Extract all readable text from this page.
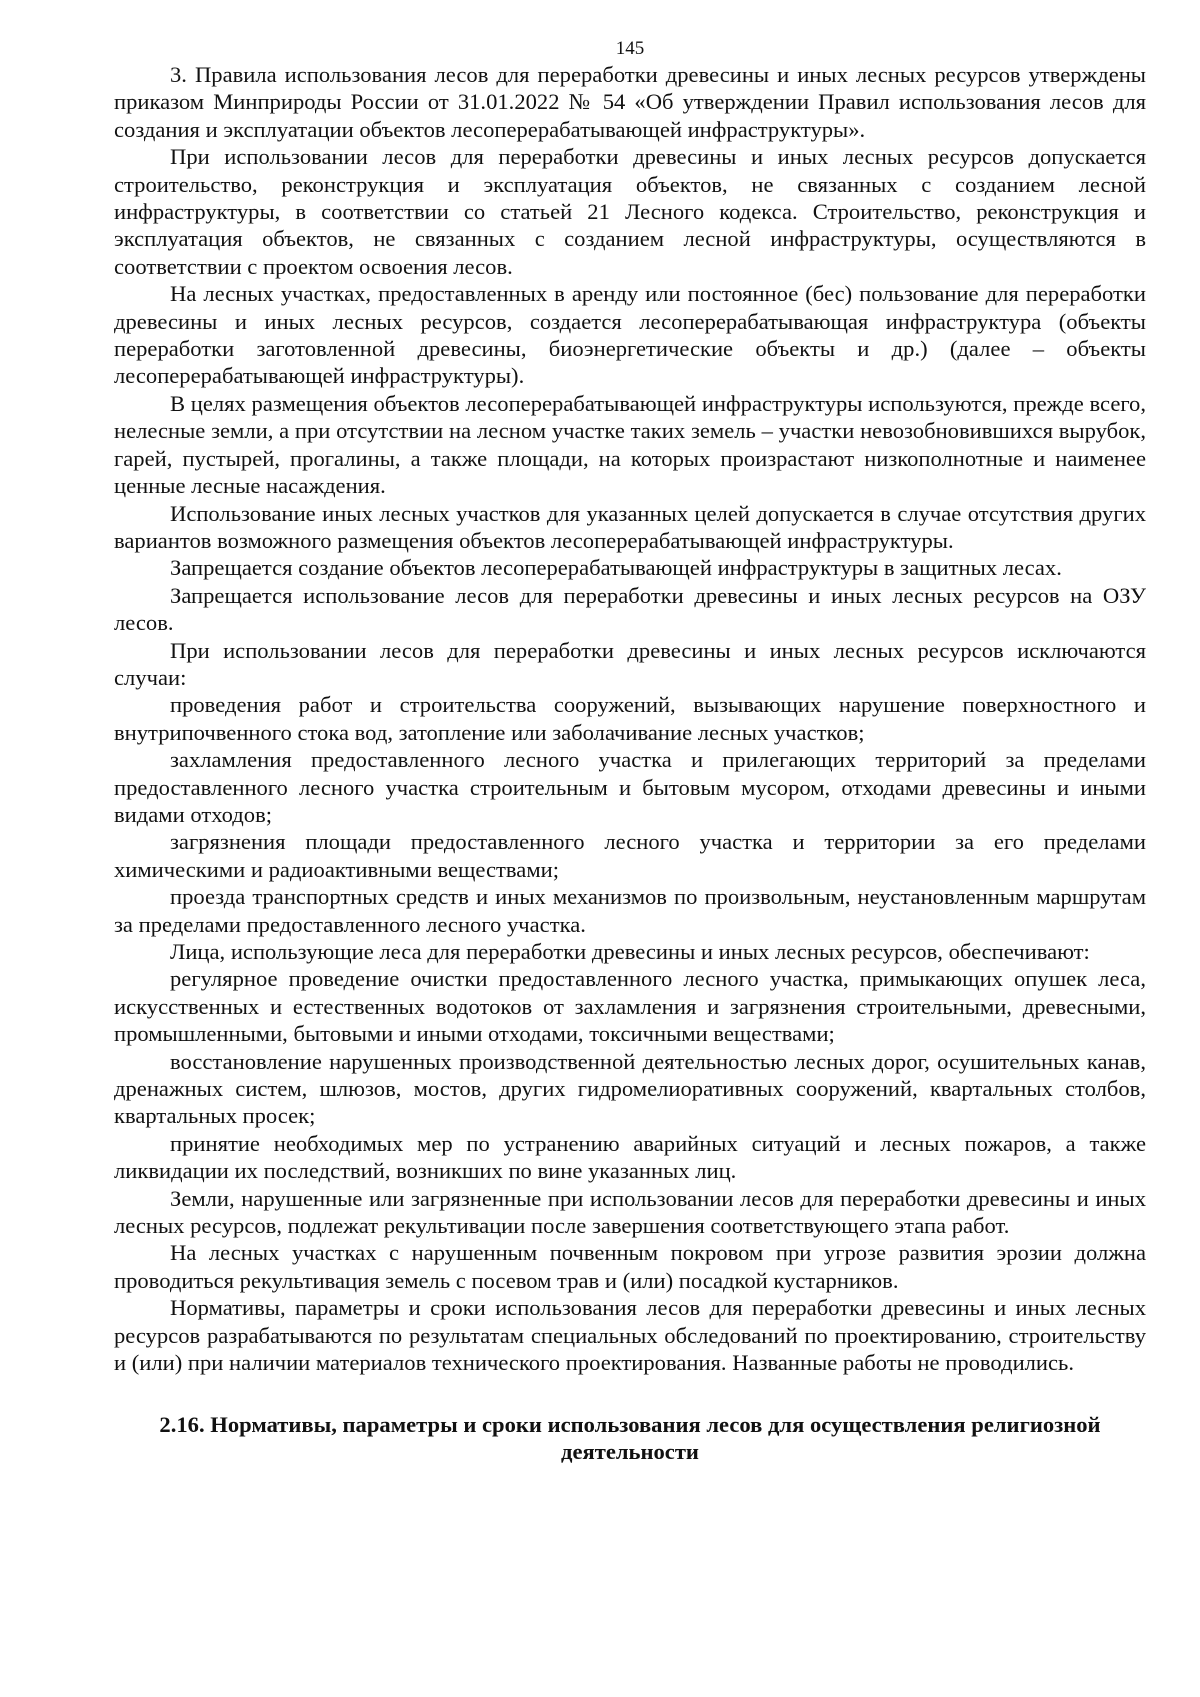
145

3. Правила использования лесов для переработки древесины и иных лесных ресурсов утверждены приказом Минприроды России от 31.01.2022 № 54 «Об утверждении Правил использования лесов для создания и эксплуатации объектов лесоперерабатывающей инфраструктуры».

При использовании лесов для переработки древесины и иных лесных ресурсов допускается строительство, реконструкция и эксплуатация объектов, не связанных с созданием лесной инфраструктуры, в соответствии со статьей 21 Лесного кодекса. Строительство, реконструкция и эксплуатация объектов, не связанных с созданием лесной инфраструктуры, осуществляются в соответствии с проектом освоения лесов.

На лесных участках, предоставленных в аренду или постоянное (бес) пользование для переработки древесины и иных лесных ресурсов, создается лесоперерабатывающая инфраструктура (объекты переработки заготовленной древесины, биоэнергетические объекты и др.) (далее – объекты лесоперерабатывающей инфраструктуры).

В целях размещения объектов лесоперерабатывающей инфраструктуры используются, прежде всего, нелесные земли, а при отсутствии на лесном участке таких земель – участки невозобновившихся вырубок, гарей, пустырей, прогалины, а также площади, на которых произрастают низкополнотные и наименее ценные лесные насаждения.

Использование иных лесных участков для указанных целей допускается в случае отсутствия других вариантов возможного размещения объектов лесоперерабатывающей инфраструктуры.

Запрещается создание объектов лесоперерабатывающей инфраструктуры в защитных лесах.

Запрещается использование лесов для переработки древесины и иных лесных ресурсов на ОЗУ лесов.

При использовании лесов для переработки древесины и иных лесных ресурсов исключаются случаи:

проведения работ и строительства сооружений, вызывающих нарушение поверхностного и внутрипочвенного стока вод, затопление или заболачивание лесных участков;

захламления предоставленного лесного участка и прилегающих территорий за пределами предоставленного лесного участка строительным и бытовым мусором, отходами древесины и иными видами отходов;

загрязнения площади предоставленного лесного участка и территории за его пределами химическими и радиоактивными веществами;

проезда транспортных средств и иных механизмов по произвольным, неустановленным маршрутам за пределами предоставленного лесного участка.

Лица, использующие леса для переработки древесины и иных лесных ресурсов, обеспечивают:

регулярное проведение очистки предоставленного лесного участка, примыкающих опушек леса, искусственных и естественных водотоков от захламления и загрязнения строительными, древесными, промышленными, бытовыми и иными отходами, токсичными веществами;

восстановление нарушенных производственной деятельностью лесных дорог, осушительных канав, дренажных систем, шлюзов, мостов, других гидромелиоративных сооружений, квартальных столбов, квартальных просек;

принятие необходимых мер по устранению аварийных ситуаций и лесных пожаров, а также ликвидации их последствий, возникших по вине указанных лиц.

Земли, нарушенные или загрязненные при использовании лесов для переработки древесины и иных лесных ресурсов, подлежат рекультивации после завершения соответствующего этапа работ.

На лесных участках с нарушенным почвенным покровом при угрозе развития эрозии должна проводиться рекультивация земель с посевом трав и (или) посадкой кустарников.

Нормативы, параметры и сроки использования лесов для переработки древесины и иных лесных ресурсов разрабатываются по результатам специальных обследований по проектированию, строительству и (или) при наличии материалов технического проектирования. Названные работы не проводились.

2.16. Нормативы, параметры и сроки использования лесов для осуществления религиозной деятельности
